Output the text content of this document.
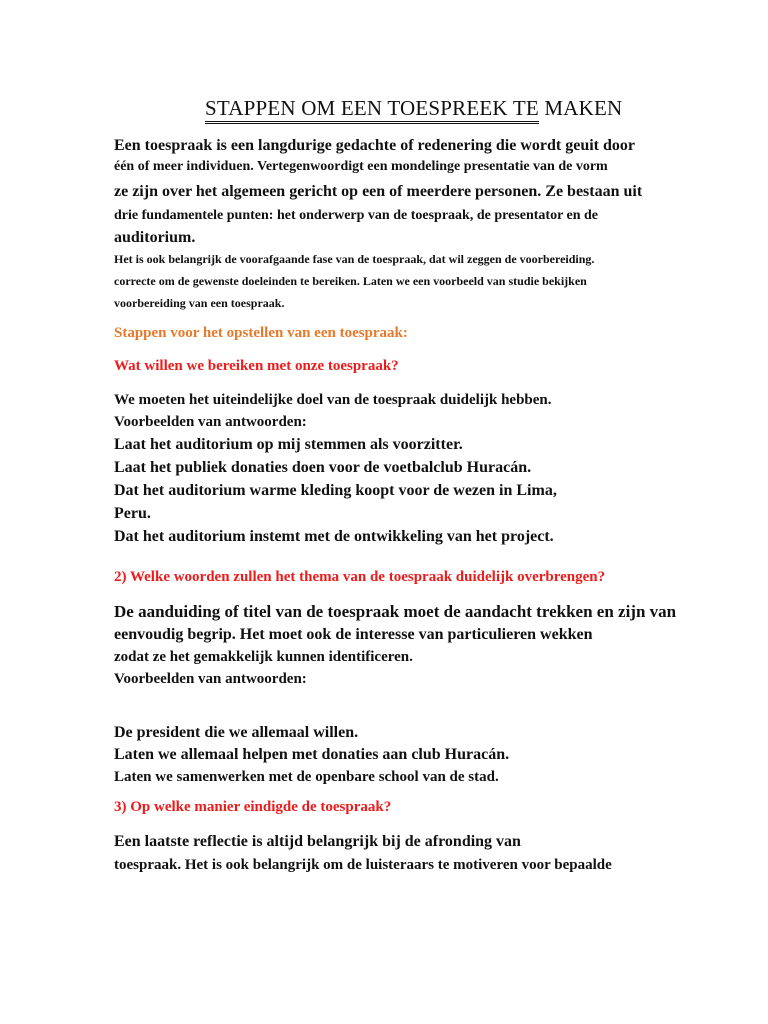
STAPPEN OM EEN TOESPREEK TE MAKEN
Een toespraak is een langdurige gedachte of redenering die wordt geuit door
één of meer individuen. Vertegenwoordigt een mondelinge presentatie van de vorm
ze zijn over het algemeen gericht op een of meerdere personen. Ze bestaan uit
drie fundamentele punten: het onderwerp van de toespraak, de presentator en de
auditorium.
Het is ook belangrijk de voorafgaande fase van de toespraak, dat wil zeggen de voorbereiding.
correcte om de gewenste doeleinden te bereiken. Laten we een voorbeeld van studie bekijken
voorbereiding van een toespraak.
Stappen voor het opstellen van een toespraak:
Wat willen we bereiken met onze toespraak?
We moeten het uiteindelijke doel van de toespraak duidelijk hebben.
Voorbeelden van antwoorden:
Laat het auditorium op mij stemmen als voorzitter.
Laat het publiek donaties doen voor de voetbalclub Huracán.
Dat het auditorium warme kleding koopt voor de wezen in Lima,
Peru.
Dat het auditorium instemt met de ontwikkeling van het project.
2) Welke woorden zullen het thema van de toespraak duidelijk overbrengen?
De aanduiding of titel van de toespraak moet de aandacht trekken en zijn van
eenvoudig begrip. Het moet ook de interesse van particulieren wekken
zodat ze het gemakkelijk kunnen identificeren.
Voorbeelden van antwoorden:
De president die we allemaal willen.
Laten we allemaal helpen met donaties aan club Huracán.
Laten we samenwerken met de openbare school van de stad.
3) Op welke manier eindigde de toespraak?
Een laatste reflectie is altijd belangrijk bij de afronding van
toespraak. Het is ook belangrijk om de luisteraars te motiveren voor bepaalde
